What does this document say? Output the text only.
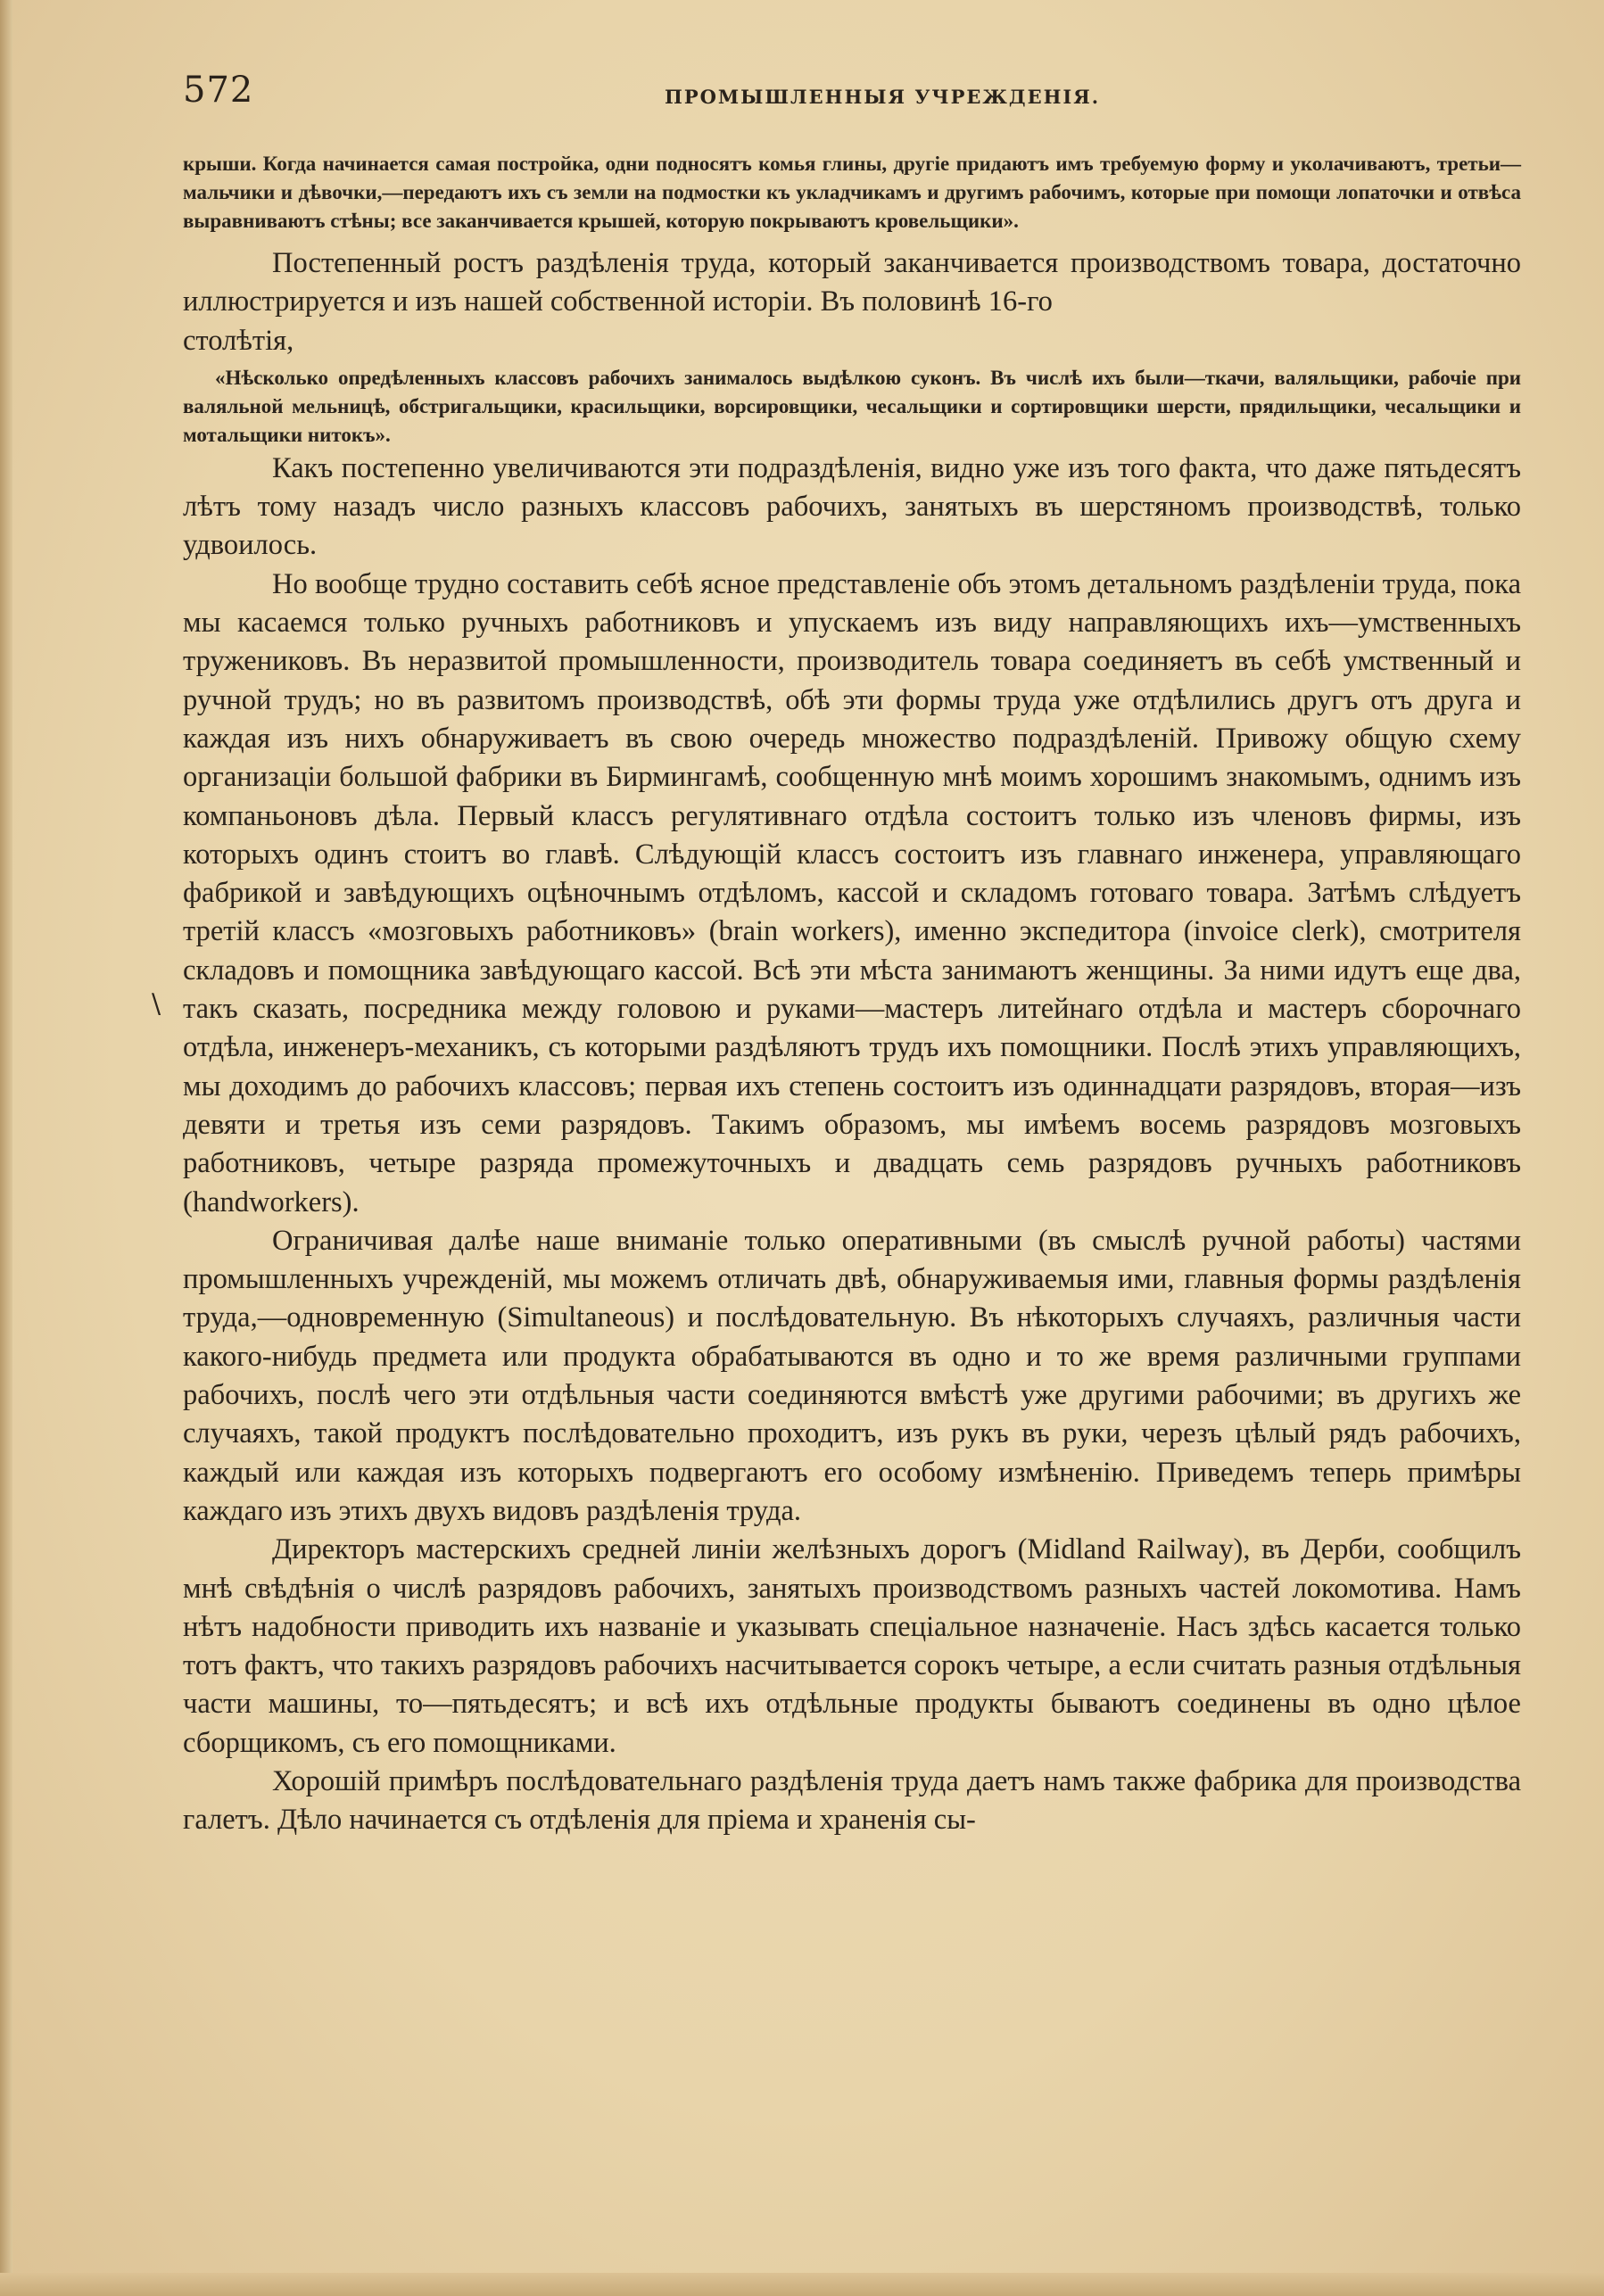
572	ПРОМЫШЛЕННЫЯ УЧРЕЖДЕНІЯ.
\

крыши. Когда начинается самая постройка, одни подносятъ комья глины, другіе придаютъ имъ требуемую форму и уколачиваютъ, третьи—мальчики и дѣвочки,—передаютъ ихъ съ земли на подмостки къ укладчикамъ и другимъ рабочимъ, которые при помощи лопаточки и отвѣса выравниваютъ стѣны; все заканчивается крышей, которую покрываютъ кровельщики».

Постепенный ростъ раздѣленія труда, который заканчивается производствомъ товара, достаточно иллюстрируется и изъ нашей собственной исторіи. Въ половинѣ 16-го

столѣтія,

«Нѣсколько опредѣленныхъ классовъ рабочихъ занималось выдѣлкою суконъ. Въ числѣ ихъ были—ткачи, валяльщики, рабочіе при валяльной мельницѣ, обстригальщики, красильщики, ворсировщики, чесальщики и сортировщики шерсти, прядильщики, чесальщики и мотальщики нитокъ».

Какъ постепенно увеличиваются эти подраздѣленія, видно уже изъ того факта, что даже пятьдесятъ лѣтъ тому назадъ число разныхъ классовъ рабочихъ, занятыхъ въ шерстяномъ производствѣ, только удвоилось.

Но вообще трудно составить себѣ ясное представленіе объ этомъ детальномъ раздѣленіи труда, пока мы касаемся только ручныхъ работниковъ и упускаемъ изъ виду направляющихъ ихъ—умственныхъ тружениковъ. Въ неразвитой промышленности, производитель товара соединяетъ въ себѣ умственный и ручной трудъ; но въ развитомъ производствѣ, обѣ эти формы труда уже отдѣлились другъ отъ друга и каждая изъ нихъ обнаруживаетъ въ свою очередь множество подраздѣленій. Привожу общую схему организаціи большой фабрики въ Бирмингамѣ, сообщенную мнѣ моимъ хорошимъ знакомымъ, однимъ изъ компаньоновъ дѣла. Первый классъ регулятивнаго отдѣла состоитъ только изъ членовъ фирмы, изъ которыхъ одинъ стоитъ во главѣ. Слѣдующій классъ состоитъ изъ главнаго инженера, управляющаго фабрикой и завѣдующихъ оцѣночнымъ отдѣломъ, кассой и складомъ готоваго товара. Затѣмъ слѣдуетъ третій классъ «мозговыхъ работниковъ» (brain workers), именно экспедитора (invoice clerk), смотрителя складовъ и помощника завѣдующаго кассой. Всѣ эти мѣста занимаютъ женщины. За ними идутъ еще два, такъ сказать, посредника между головою и руками—мастеръ литейнаго отдѣла и мастеръ сборочнаго отдѣла, инженеръ-механикъ, съ которыми раздѣляютъ трудъ ихъ помощники. Послѣ этихъ управляющихъ, мы доходимъ до рабочихъ классовъ; первая ихъ степень состоитъ изъ одиннадцати разрядовъ, вторая—изъ девяти и третья изъ семи разрядовъ. Такимъ образомъ, мы имѣемъ восемь разрядовъ мозговыхъ работниковъ, четыре разряда промежуточныхъ и двадцать семь разрядовъ ручныхъ работниковъ (handworkers).

Ограничивая далѣе наше вниманіе только оперативными (въ смыслѣ ручной работы) частями промышленныхъ учрежденій, мы можемъ отличать двѣ, обнаруживаемыя ими, главныя формы раздѣленія труда,—одновременную (Simultaneous) и послѣдовательную. Въ нѣкоторыхъ случаяхъ, различныя части какого-нибудь предмета или продукта обрабатываются въ одно и то же время различными группами рабочихъ, послѣ чего эти отдѣльныя части соединяются вмѣстѣ уже другими рабочими; въ другихъ же случаяхъ, такой продуктъ послѣдовательно проходитъ, изъ рукъ въ руки, черезъ цѣлый рядъ рабочихъ, каждый или каждая изъ которыхъ подвергаютъ его особому измѣненію. Приведемъ теперь примѣры каждаго изъ этихъ двухъ видовъ раздѣленія труда.

Директоръ мастерскихъ средней линіи желѣзныхъ дорогъ (Midland Railway), въ Дерби, сообщилъ мнѣ свѣдѣнія о числѣ разрядовъ рабочихъ, занятыхъ производствомъ разныхъ частей локомотива. Намъ нѣтъ надобности приводить ихъ названіе и указывать спеціальное назначеніе. Насъ здѣсь касается только тотъ фактъ, что такихъ разрядовъ рабочихъ насчитывается сорокъ четыре, а если считать разныя отдѣльныя части машины, то—пятьдесятъ; и всѣ ихъ отдѣльные продукты бываютъ соединены въ одно цѣлое сборщикомъ, съ его помощниками.

Хорошій примѣръ послѣдовательнаго раздѣленія труда даетъ намъ также фабрика для производства галетъ. Дѣло начинается съ отдѣленія для пріема и храненія сы-
